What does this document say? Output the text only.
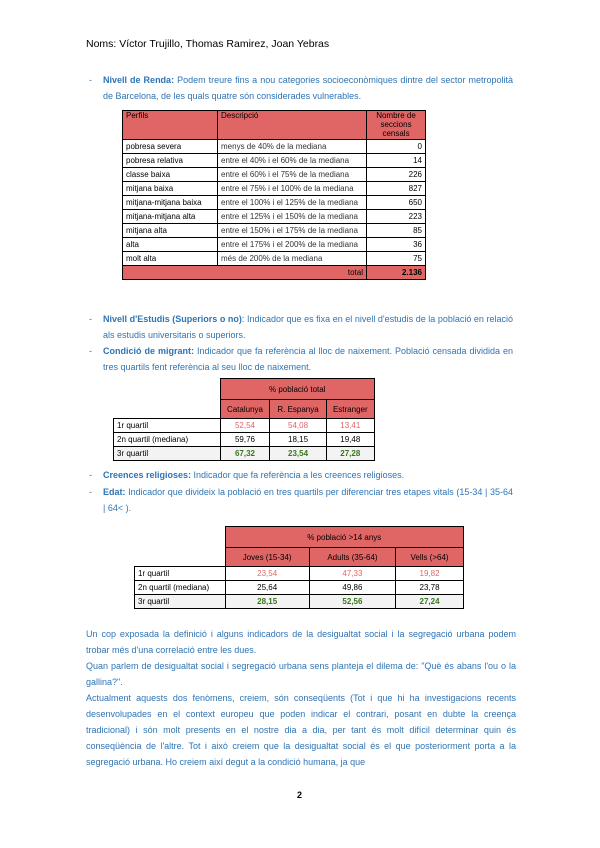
Noms: Víctor Trujillo, Thomas Ramirez, Joan Yebras
- Nivell de Renda: Podem treure fins a nou categories socioeconòmiques dintre del sector metropolità de Barcelona, de les quals quatre són considerades vulnerables.

Perfils	Descripció	Nombre de seccions censals
pobresa severa	menys de 40% de la mediana	0
pobresa relativa	entre el 40% i el 60% de la mediana	14
classe baixa	entre el 60% i el 75% de la mediana	226
mitjana baixa	entre el 75% i el 100% de la mediana	827
mitjana-mitjana baixa	entre el 100% i el 125% de la mediana	650
mitjana-mitjana alta	entre el 125% i el 150% de la mediana	223
mitjana alta	entre el 150% i el 175% de la mediana	85
alta	entre el 175% i el 200% de la mediana	36
molt alta	més de 200% de la mediana	75
total		2.136
- Nivell d'Estudis (Superiors o no): Indicador que es fixa en el nivell d'estudis de la població en relació als estudis universitaris o superiors.

- Condició de migrant: Indicador que fa referència al lloc de naixement. Població censada dividida en tres quartils fent referència al seu lloc de naixement.

	% població total		
	Catalunya	R. Espanya	Estranger
1r quartil	52,54	54,08	13,41
2n quartil (mediana)	59,76	18,15	19,48
3r quartil	67,32	23,54	27,28
- Creences religioses: Indicador que fa referència a les creences religioses.

- Edat: Indicador que divideix la població en tres quartils per diferenciar tres etapes vitals (15-34 | 35-64 | 64< ).

	% població >14 anys		
	Joves (15-34)	Adults (35-64)	Vells (>64)
1r quartil	23,54	47,33	19,82
2n quartil (mediana)	25,64	49,86	23,78
3r quartil	28,15	52,56	27,24

Un cop exposada la definició i alguns indicadors de la desigualtat social i la segregació urbana podem trobar més d'una correlació entre les dues.

Quan parlem de desigualtat social i segregació urbana sens planteja el dilema de: "Què és abans l'ou o la gallina?".

Actualment aquests dos fenòmens, creiem, són conseqüents (Tot i que hi ha investigacions recents desenvolupades en el context europeu que poden indicar el contrari, posant en dubte la creença tradicional) i són molt presents en el nostre dia a dia, per tant és molt difícil determinar quin és conseqüència de l'altre. Tot i això creiem que la desigualtat social és el que posteriorment porta a la segregació urbana. Ho creiem així degut a la condició humana, ja que

2
